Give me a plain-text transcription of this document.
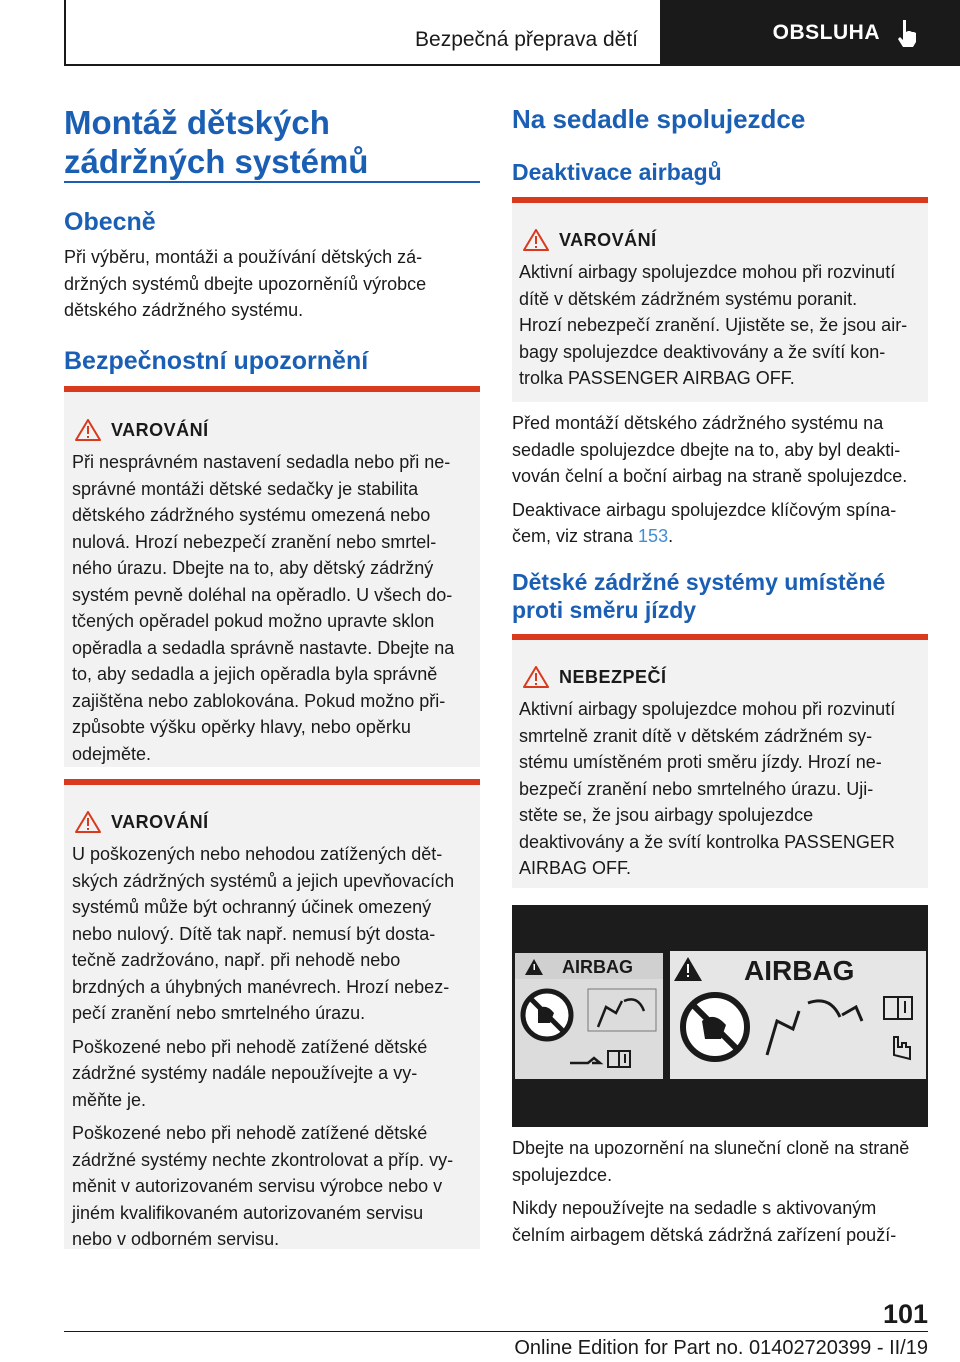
Bezpečná přeprava dětí	OBSLUHA
Montáž dětských
zádržných systémů
Obecně
Při výběru, montáži a používání dětských zá‐
držných systémů dbejte upozorněníů výrobce
dětského zádržného systému.
Bezpečnostní upozornění
VAROVÁNÍ
Při nesprávném nastavení sedadla nebo při ne‐
správné montáži dětské sedačky je stabilita
dětského zádržného systému omezená nebo
nulová. Hrozí nebezpečí zranění nebo smrtel‐
ného úrazu. Dbejte na to, aby dětský zádržný
systém pevně doléhal na opěradlo. U všech do‐
tčených opěradel pokud možno upravte sklon
opěradla a sedadla správně nastavte. Dbejte na
to, aby sedadla a jejich opěradla byla správně
zajištěna nebo zablokována. Pokud možno při‐
způsobte výšku opěrky hlavy, nebo opěrku
odejměte.
VAROVÁNÍ
U poškozených nebo nehodou zatížených dět‐
ských zádržných systémů a jejich upevňovacích
systémů může být ochranný účinek omezený
nebo nulový. Dítě tak např. nemusí být dosta‐
tečně zadržováno, např. při nehodě nebo
brzdných a úhybných manévrech. Hrozí nebez‐
pečí zranění nebo smrtelného úrazu.
Poškozené nebo při nehodě zatížené dětské
zádržné systémy nadále nepoužívejte a vy‐
měňte je.
Poškozené nebo při nehodě zatížené dětské
zádržné systémy nechte zkontrolovat a příp. vy‐
měnit v autorizovaném servisu výrobce nebo v
jiném kvalifikovaném autorizovaném servisu
nebo v odborném servisu.
Na sedadle spolujezdce
Deaktivace airbagů
VAROVÁNÍ
Aktivní airbagy spolujezdce mohou při rozvinutí
dítě v dětském zádržném systému poranit.
Hrozí nebezpečí zranění. Ujistěte se, že jsou air‐
bagy spolujezdce deaktivovány a že svítí kon‐
trolka PASSENGER AIRBAG OFF.
Před montáží dětského zádržného systému na
sedadle spolujezdce dbejte na to, aby byl deakti‐
vován čelní a boční airbag na straně spolujezdce.
Deaktivace airbagu spolujezdce klíčovým spína‐
čem, viz strana 153.
Dětské zádržné systémy umístěné
proti směru jízdy
NEBEZPEČÍ
Aktivní airbagy spolujezdce mohou při rozvinutí
smrtelně zranit dítě v dětském zádržném sy‐
stému umístěném proti směru jízdy. Hrozí ne‐
bezpečí zranění nebo smrtelného úrazu. Uji‐
stěte se, že jsou airbagy spolujezdce
deaktivovány a že svítí kontrolka PASSENGER
AIRBAG OFF.
AIRBAG	AIRBAG
Dbejte na upozornění na sluneční cloně na straně
spolujezdce.
Nikdy nepoužívejte na sedadle s aktivovaným
čelním airbagem dětská zádržná zařízení použí‐
101
Online Edition for Part no. 01402720399 - II/19
